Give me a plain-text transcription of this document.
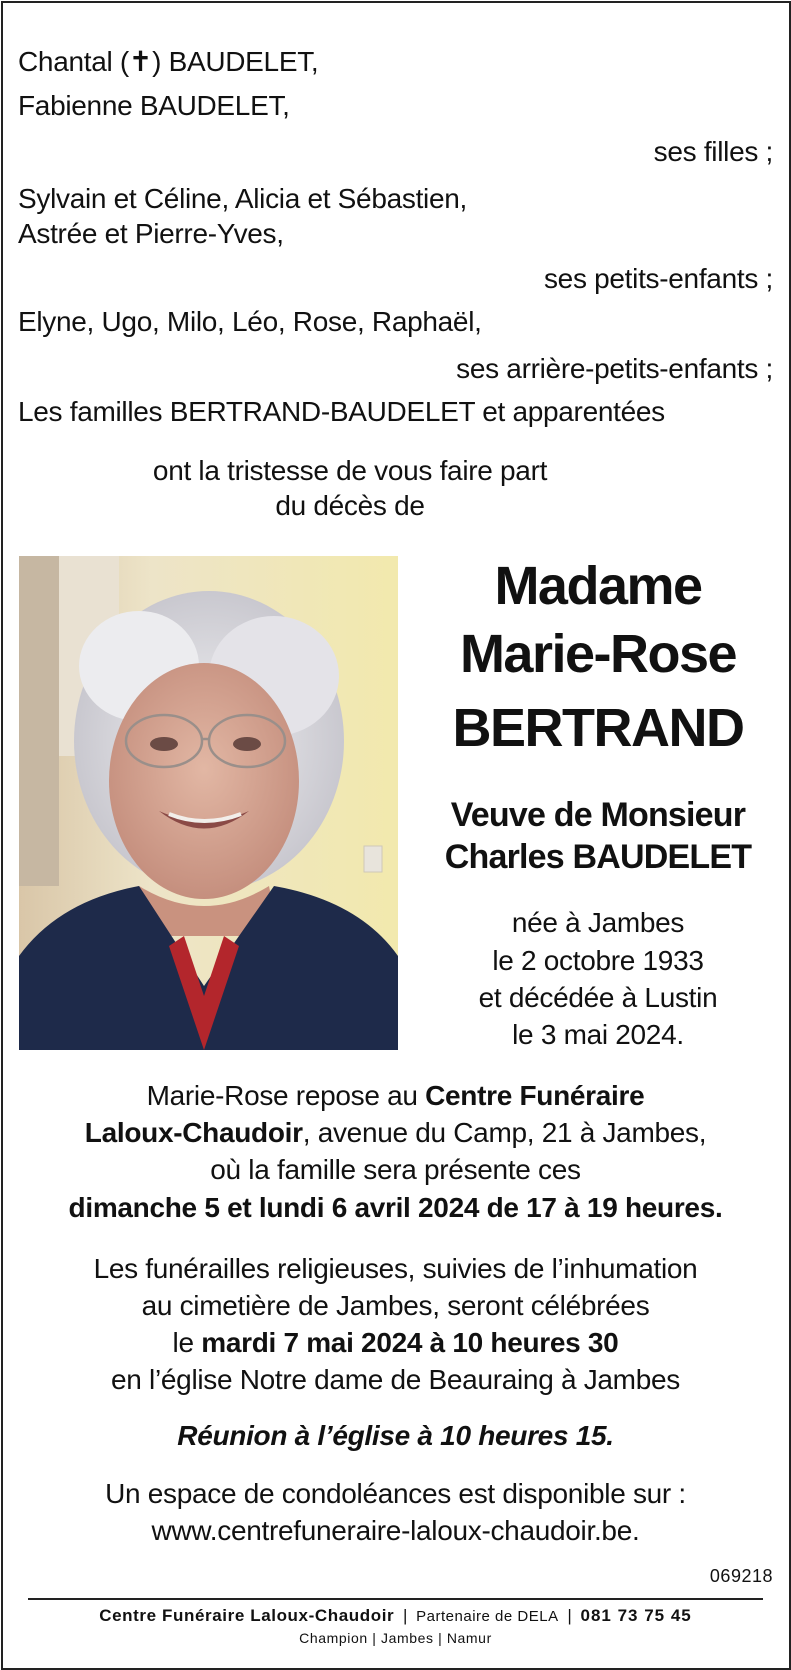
Chantal (✝) BAUDELET,
Fabienne BAUDELET,
ses filles ;
Sylvain et Céline, Alicia et Sébastien,
Astrée et Pierre-Yves,
ses petits-enfants ;
Elyne, Ugo, Milo, Léo, Rose, Raphaël,
ses arrière-petits-enfants ;
Les familles BERTRAND-BAUDELET et apparentées
ont la tristesse de vous faire part
du décès de
Madame
Marie-Rose
BERTRAND
Veuve de Monsieur
Charles BAUDELET
née à Jambes
le 2 octobre 1933
et décédée à Lustin
le 3 mai 2024.
Marie-Rose repose au Centre Funéraire
Laloux-Chaudoir, avenue du Camp, 21 à Jambes,
où la famille sera présente ces
dimanche 5 et lundi 6 avril 2024 de 17 à 19 heures.
Les funérailles religieuses, suivies de l’inhumation
au cimetière de Jambes, seront célébrées
le mardi 7 mai 2024 à 10 heures 30
en l’église Notre dame de Beauraing à Jambes
Réunion à l’église à 10 heures 15.
Un espace de condoléances est disponible sur :
www.centrefuneraire-laloux-chaudoir.be.
069218
Centre Funéraire Laloux-Chaudoir | Partenaire de DELA | 081 73 75 45
Champion | Jambes | Namur
